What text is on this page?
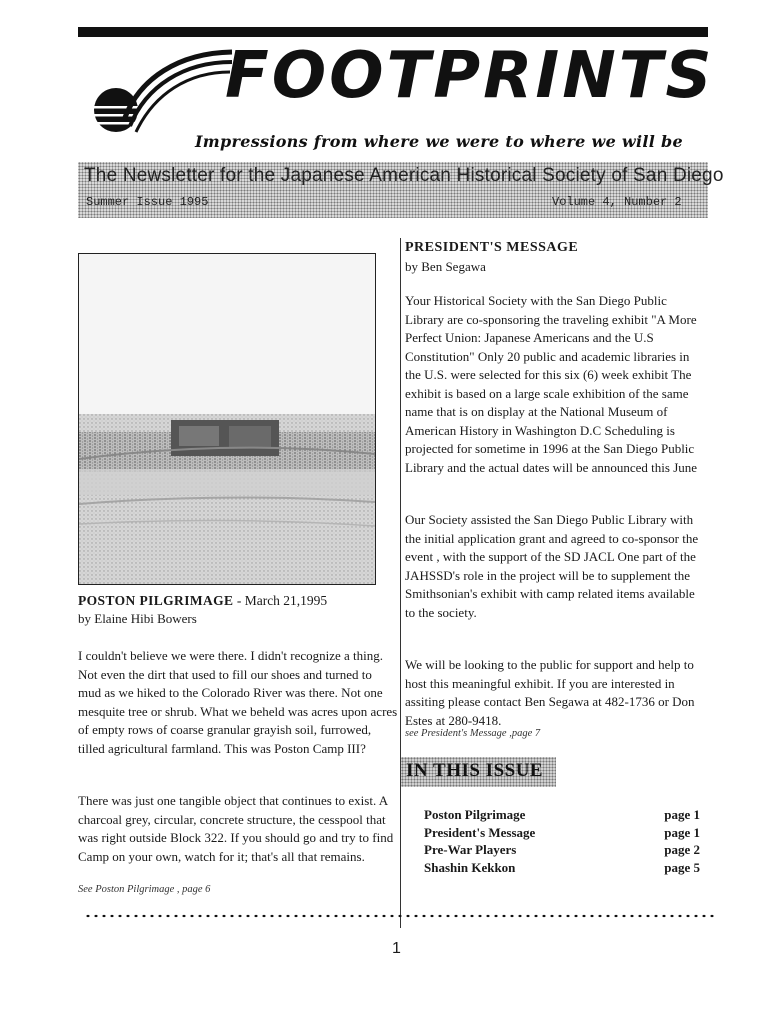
FOOTPRINTS
Impressions from where we were to where we will be
The Newsletter for the Japanese American Historical Society of San Diego
Summer Issue 1995	Volume 4, Number 2
PRESIDENT'S MESSAGE
by Ben Segawa

Your Historical Society with the San Diego Public Library are co-sponsoring the traveling exhibit "A More Perfect Union: Japanese Americans and the U.S Constitution" Only 20 public and academic libraries in the U.S. were selected for this six (6) week exhibit The exhibit is based on a large scale exhibition of the same name that is on display at the National Museum of American History in Washington D.C Scheduling is projected for sometime in 1996 at the San Diego Public Library and the actual dates will be announced this June

Our Society assisted the San Diego Public Library with the initial application grant and agreed to co-sponsor the event , with the support of the SD JACL One part of the JAHSSD's role in the project will be to supplement the Smithsonian's exhibit with camp related items available to the society.

We will be looking to the public for support and help to host this meaningful exhibit. If you are interested in assiting please contact Ben Segawa at 482-1736 or Don Estes at 280-9418.

see President's Message ,page 7
POSTON PILGRIMAGE - March 21,1995
by Elaine Hibi Bowers

I couldn't believe we were there. I didn't recognize a thing. Not even the dirt that used to fill our shoes and turned to mud as we hiked to the Colorado River was there. Not one mesquite tree or shrub. What we beheld was acres upon acres of empty rows of coarse granular grayish soil, furrowed, tilled agricultural farmland. This was Poston Camp III?

There was just one tangible object that continues to exist. A charcoal grey, circular, concrete structure, the cesspool that was right outside Block 322. If you should go and try to find Camp on your own, watch for it; that's all that remains.

See Poston Pilgrimage , page 6
IN THIS ISSUE
Poston Pilgrimage	page 1
President's Message	page 1
Pre-War Players	page 2
Shashin Kekkon	page 5
1
